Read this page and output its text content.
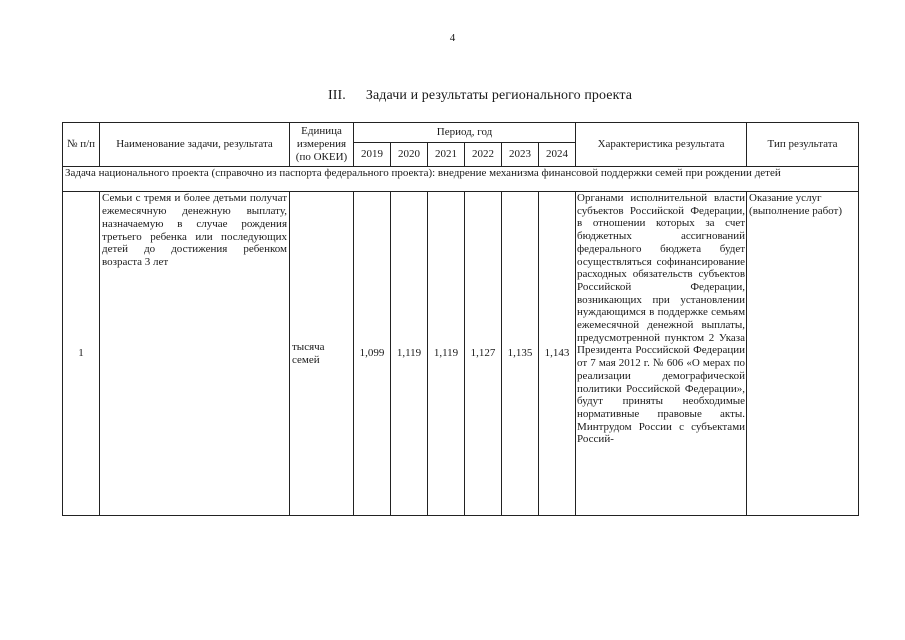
4
III. Задачи и результаты регионального проекта
№ п/п	Наименование задачи, результата	Единица измерения (по ОКЕИ)	Период, год						Характеристика результата	Тип результата
			2019	2020	2021	2022	2023	2024		

Задача национального проекта (справочно из паспорта федерального проекта): внедрение механизма финансовой поддержки семей при рождении детей										

1	Семьи с тремя и более детьми получат ежемесячную денежную выплату, назначаемую в случае рождения третьего ребенка или последующих детей до достижения ребенком возраста 3 лет	тысяча семей	1,099	1,119	1,119	1,127	1,135	1,143	Органами исполнительной власти субъектов Российской Федерации, в отношении которых за счет бюджетных ассигнований федерального бюджета будет осуществляться софинансирование расходных обязательств субъектов Российской Федерации, возникающих при установлении нуждающимся в поддержке семьям ежемесячной денежной выплаты, предусмотренной пунктом 2 Указа Президента Российской Федерации от 7 мая 2012 г. № 606 «О мерах по реализации демографической политики Российской Федерации», будут приняты необходимые нормативные правовые акты. Минтрудом России с субъектами Россий-	Оказание услуг (выполнение работ)
